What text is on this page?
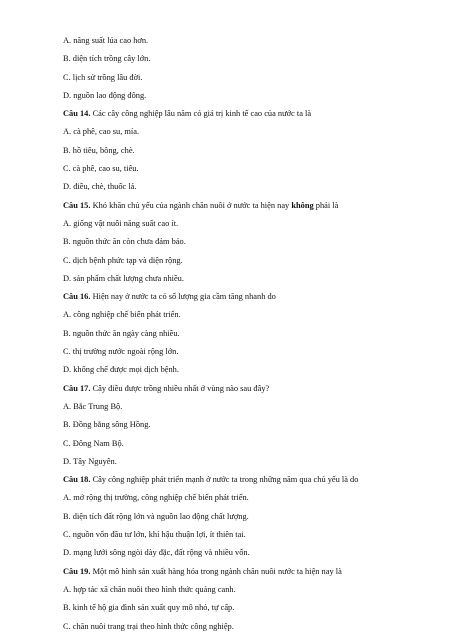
A. năng suất lúa cao hơn.
B. diện tích trồng cây lớn.
C. lịch sử trồng lâu đời.
D. nguồn lao động đông.
Câu 14. Các cây công nghiệp lâu năm có giá trị kinh tế cao của nước ta là
A. cà phê, cao su, mía.
B. hồ tiêu, bông, chè.
C. cà phê, cao su, tiêu.
D. điều, chè, thuốc lá.
Câu 15. Khó khăn chủ yếu của ngành chăn nuôi ở nước ta hiện nay không phải là
A. giống vật nuôi năng suất cao ít.
B. nguồn thức ăn còn chưa đảm bảo.
C. dịch bệnh phức tạp và diện rộng.
D. sản phẩm chất lượng chưa nhiều.
Câu 16. Hiện nay ở nước ta có số lượng gia cầm tăng nhanh do
A. công nghiệp chế biến phát triển.
B. nguồn thức ăn ngày càng nhiều.
C. thị trường nước ngoài rộng lớn.
D. không chế được mọi dịch bệnh.
Câu 17. Cây điều được trồng nhiều nhất ở vùng nào sau đây?
A. Bắc Trung Bộ.
B. Đồng bằng sông Hồng.
C. Đông Nam Bộ.
D. Tây Nguyên.
Câu 18. Cây công nghiệp phát triển mạnh ở nước ta trong những năm qua chủ yếu là do
A. mở rộng thị trường, công nghiệp chế biến phát triển.
B. diện tích đất rộng lớn và nguồn lao động chất lượng.
C. nguồn vốn đầu tư lớn, khí hậu thuận lợi, ít thiên tai.
D. mạng lưới sông ngòi dày đặc, đất rộng và nhiều vốn.
Câu 19. Một mô hình sản xuất hàng hóa trong ngành chăn nuôi nước ta hiện nay là
A. hợp tác xã chăn nuôi theo hình thức quảng canh.
B. kinh tế hộ gia đình sản xuất quy mô nhỏ, tự cấp.
C. chăn nuôi trang trại theo hình thức công nghiệp.
